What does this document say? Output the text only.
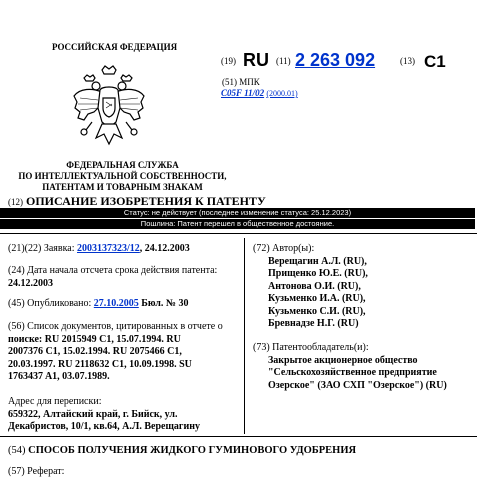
РОССИЙСКАЯ ФЕДЕРАЦИЯ
ФЕДЕРАЛЬНАЯ СЛУЖБА
ПО ИНТЕЛЛЕКТУАЛЬНОЙ СОБСТВЕННОСТИ,
ПАТЕНТАМ И ТОВАРНЫМ ЗНАКАМ
(19) RU (11) 2 263 092	(13) C1
(51) МПК
C05F 11/02 (2000.01)
(12) ОПИСАНИЕ ИЗОБРЕТЕНИЯ К ПАТЕНТУ
Статус: не действует (последнее изменение статуса: 25.12.2023)
Пошлина: Патент перешел в общественное достояние.
(21)(22) Заявка: 2003137323/12, 24.12.2003
(24) Дата начала отсчета срока действия патента:
24.12.2003
(45) Опубликовано: 27.10.2005 Бюл. № 30
(56) Список документов, цитированных в отчете о
поиске: RU 2015949 C1, 15.07.1994. RU
2007376 C1, 15.02.1994. RU 2075466 C1,
20.03.1997. RU 2118632 C1, 10.09.1998. SU
1763437 A1, 03.07.1989.
Адрес для переписки:
659322, Алтайский край, г. Бийск, ул.
Декабристов, 10/1, кв.64, А.Л. Верещагину
(72) Автор(ы):
Верещагин А.Л. (RU),
Прищенко Ю.Е. (RU),
Антонова О.И. (RU),
Кузьменко И.А. (RU),
Кузьменко С.И. (RU),
Бревнадзе Н.Г. (RU)
(73) Патентообладатель(и):
Закрытое акционерное общество
"Сельскохозяйственное предприятие
Озерское" (ЗАО СХП "Озерское") (RU)
(54) СПОСОБ ПОЛУЧЕНИЯ ЖИДКОГО ГУМИНОВОГО УДОБРЕНИЯ
(57) Реферат:
